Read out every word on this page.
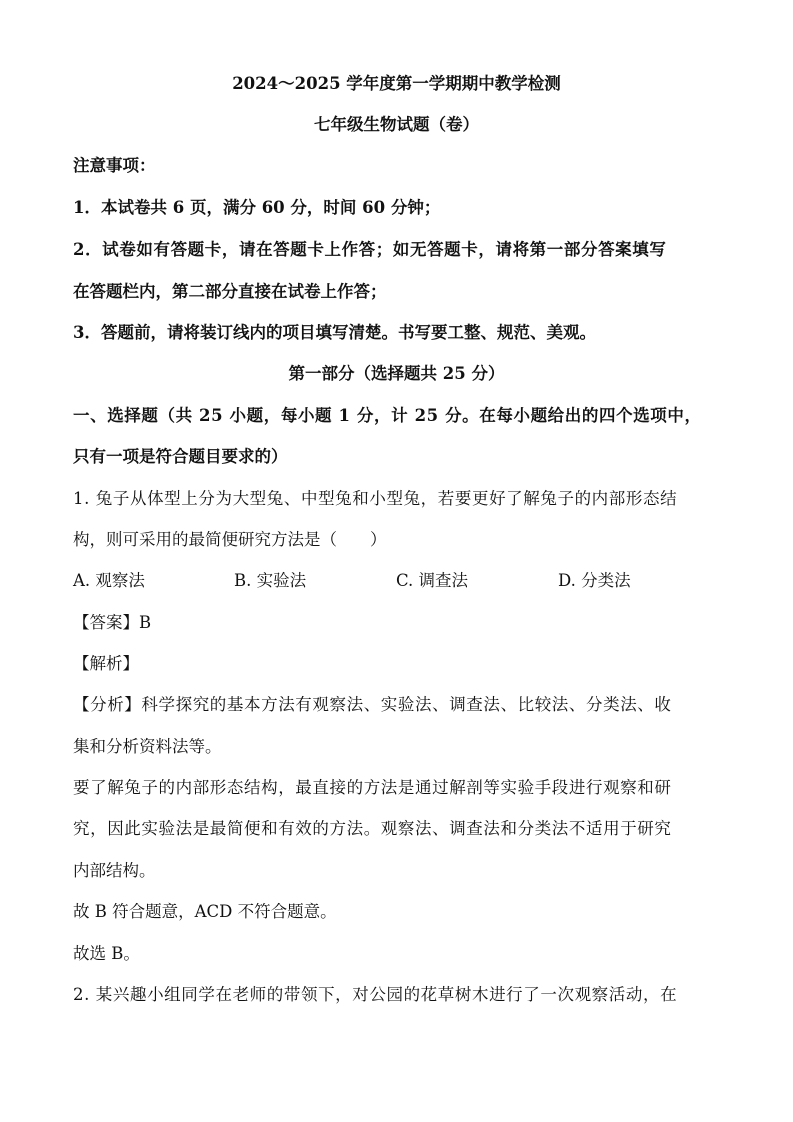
2024～2025 学年度第一学期期中教学检测
七年级生物试题（卷）
注意事项：
1．本试卷共 6 页，满分 60 分，时间 60 分钟；
2．试卷如有答题卡，请在答题卡上作答；如无答题卡，请将第一部分答案填写
在答题栏内，第二部分直接在试卷上作答；
3．答题前，请将装订线内的项目填写清楚。书写要工整、规范、美观。
第一部分（选择题共 25 分）
一、选择题（共 25 小题，每小题 1 分，计 25 分。在每小题给出的四个选项中，
只有一项是符合题目要求的）
1. 兔子从体型上分为大型兔、中型兔和小型兔，若要更好了解兔子的内部形态结
构，则可采用的最简便研究方法是（　　）
A. 观察法	B. 实验法	C. 调查法	D. 分类法
【答案】B
【解析】
【分析】科学探究的基本方法有观察法、实验法、调查法、比较法、分类法、收
集和分析资料法等。
要了解兔子的内部形态结构，最直接的方法是通过解剖等实验手段进行观察和研
究，因此实验法是最简便和有效的方法。观察法、调查法和分类法不适用于研究
内部结构。
故 B 符合题意，ACD 不符合题意。
故选 B。
2. 某兴趣小组同学在老师的带领下，对公园的花草树木进行了一次观察活动，在
